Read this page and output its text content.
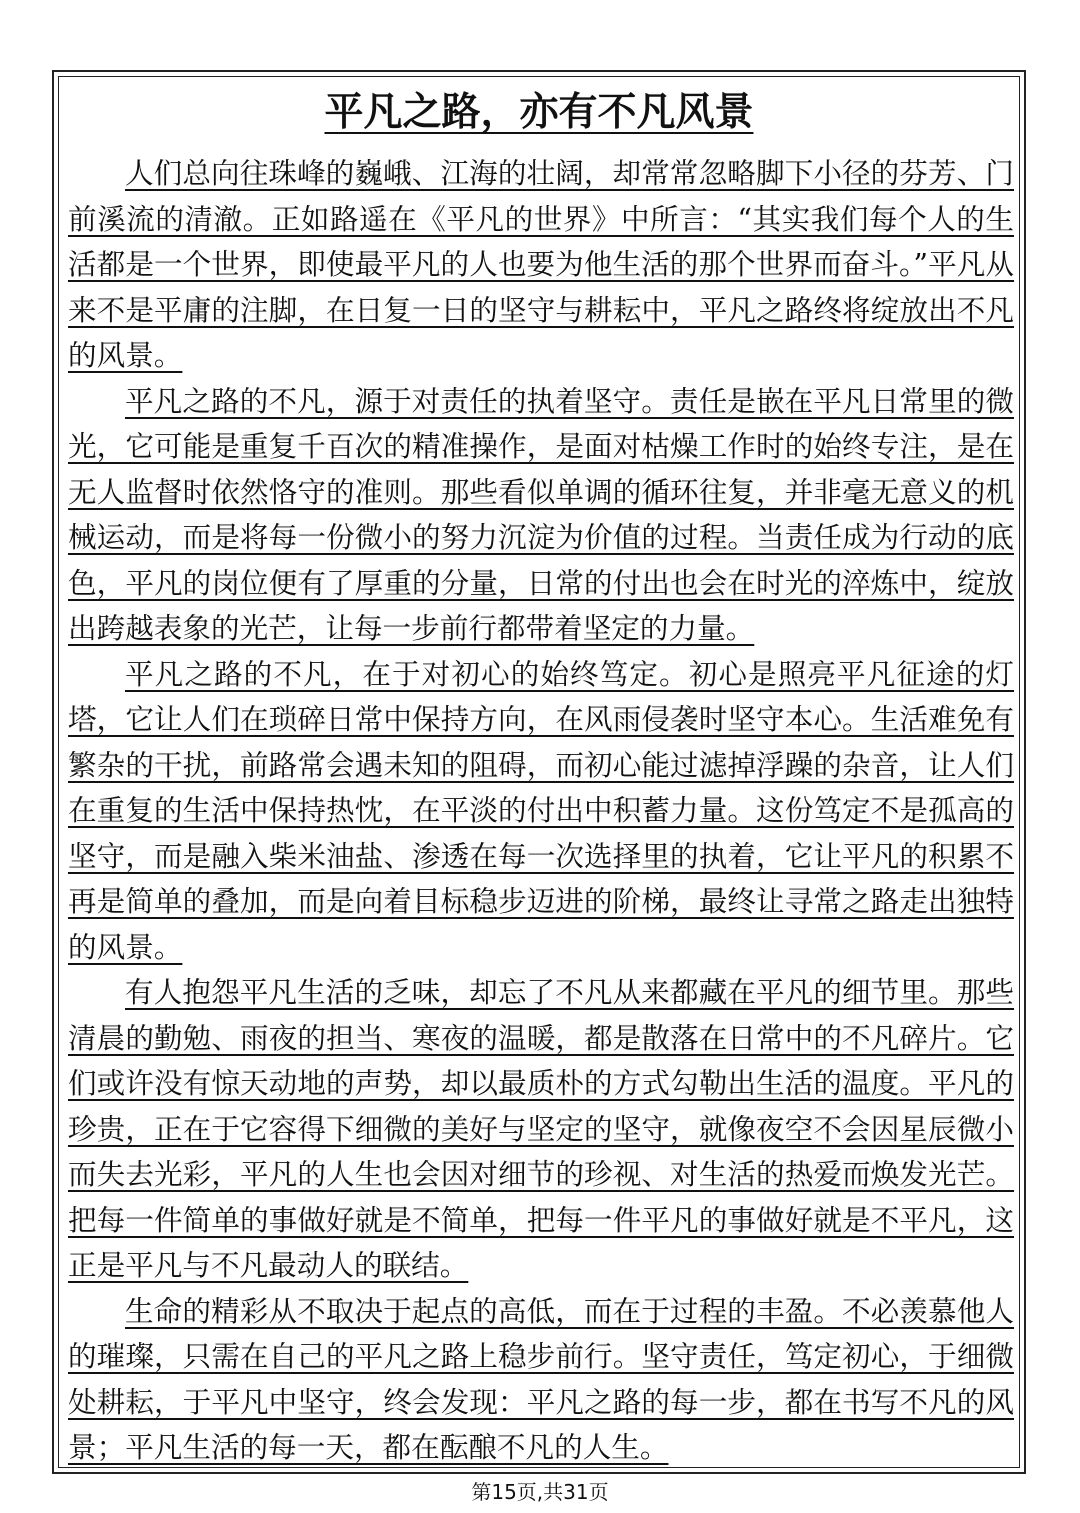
平凡之路，亦有不凡风景

人们总向往珠峰的巍峨、江海的壮阔，却常常忽略脚下小径的芬芳、门前溪流的清澈。正如路遥在《平凡的世界》中所言：“其实我们每个人的生活都是一个世界，即使最平凡的人也要为他生活的那个世界而奋斗。”平凡从来不是平庸的注脚，在日复一日的坚守与耕耘中，平凡之路终将绽放出不凡的风景。

平凡之路的不凡，源于对责任的执着坚守。责任是嵌在平凡日常里的微光，它可能是重复千百次的精准操作，是面对枯燥工作时的始终专注，是在无人监督时依然恪守的准则。那些看似单调的循环往复，并非毫无意义的机械运动，而是将每一份微小的努力沉淀为价值的过程。当责任成为行动的底色，平凡的岗位便有了厚重的分量，日常的付出也会在时光的淬炼中，绽放出跨越表象的光芒，让每一步前行都带着坚定的力量。

平凡之路的不凡，在于对初心的始终笃定。初心是照亮平凡征途的灯塔，它让人们在琐碎日常中保持方向，在风雨侵袭时坚守本心。生活难免有繁杂的干扰，前路常会遇未知的阻碍，而初心能过滤掉浮躁的杂音，让人们在重复的生活中保持热忱，在平淡的付出中积蓄力量。这份笃定不是孤高的坚守，而是融入柴米油盐、渗透在每一次选择里的执着，它让平凡的积累不再是简单的叠加，而是向着目标稳步迈进的阶梯，最终让寻常之路走出独特的风景。

有人抱怨平凡生活的乏味，却忘了不凡从来都藏在平凡的细节里。那些清晨的勤勉、雨夜的担当、寒夜的温暖，都是散落在日常中的不凡碎片。它们或许没有惊天动地的声势，却以最质朴的方式勾勒出生活的温度。平凡的珍贵，正在于它容得下细微的美好与坚定的坚守，就像夜空不会因星辰微小而失去光彩，平凡的人生也会因对细节的珍视、对生活的热爱而焕发光芒。把每一件简单的事做好就是不简单，把每一件平凡的事做好就是不平凡，这正是平凡与不凡最动人的联结。

生命的精彩从不取决于起点的高低，而在于过程的丰盈。不必羡慕他人的璀璨，只需在自己的平凡之路上稳步前行。坚守责任，笃定初心，于细微处耕耘，于平凡中坚守，终会发现：平凡之路的每一步，都在书写不凡的风景；平凡生活的每一天，都在酝酿不凡的人生。

第15页,共31页
